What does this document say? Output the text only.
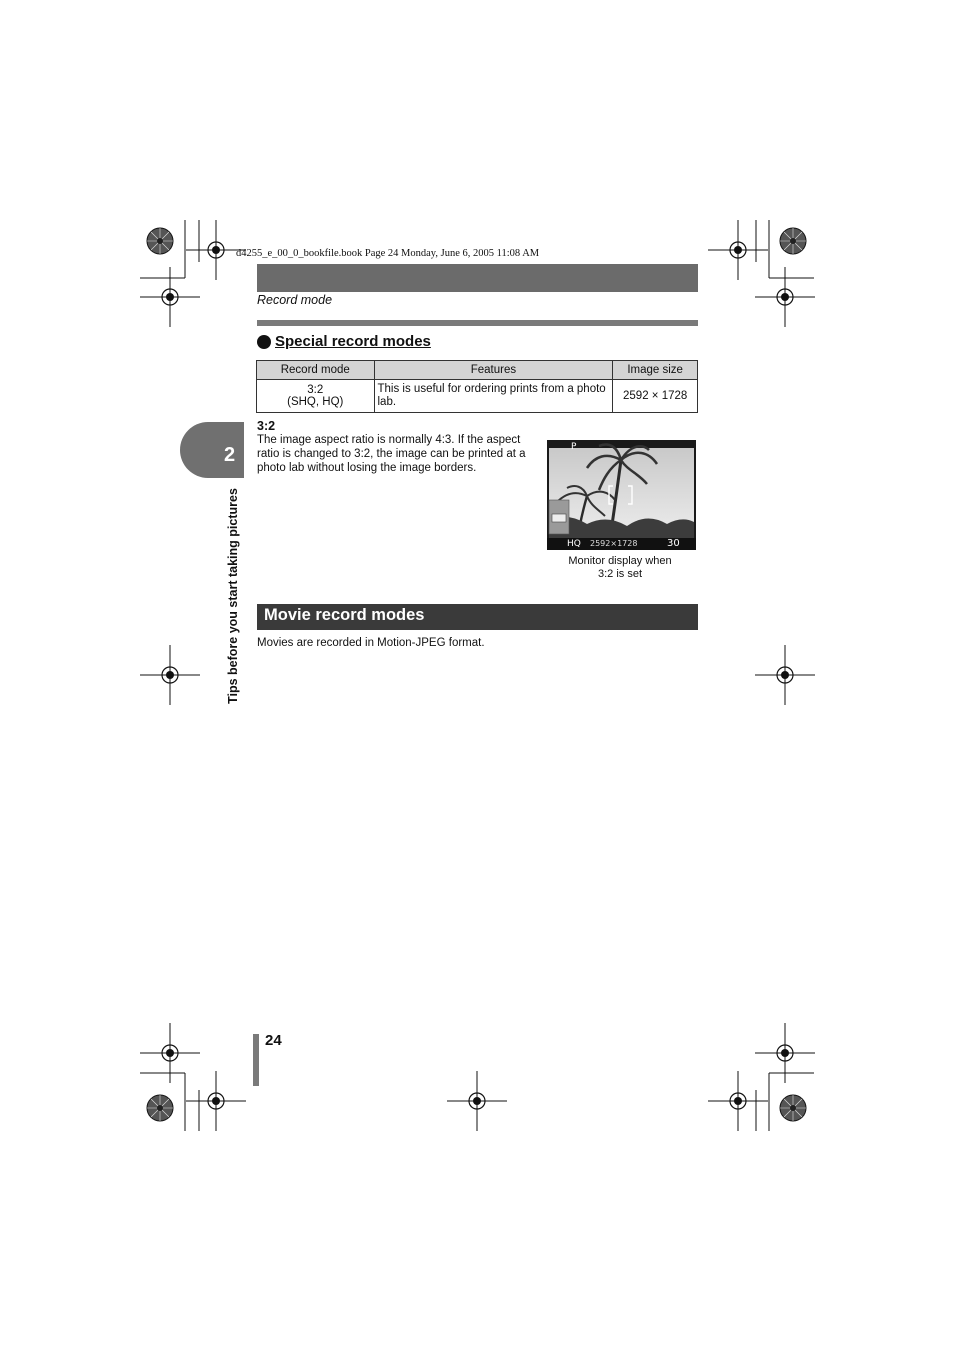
d4255_e_00_0_bookfile.book Page 24 Monday, June 6, 2005 11:08 AM
Record mode
Special record modes
Record mode	Features	Image size

3:2
(SHQ, HQ)	This is useful for ordering prints from a photo lab.	2592 × 1728
3:2
The image aspect ratio is normally 4:3. If the aspect ratio is changed to 3:2, the image can be printed at a photo lab without losing the image borders.
P
HQ 2592×1728	30
Monitor display when
3:2 is set
Movie record modes
Movies are recorded in Motion-JPEG format.
2
Tips before you start taking pictures
24
